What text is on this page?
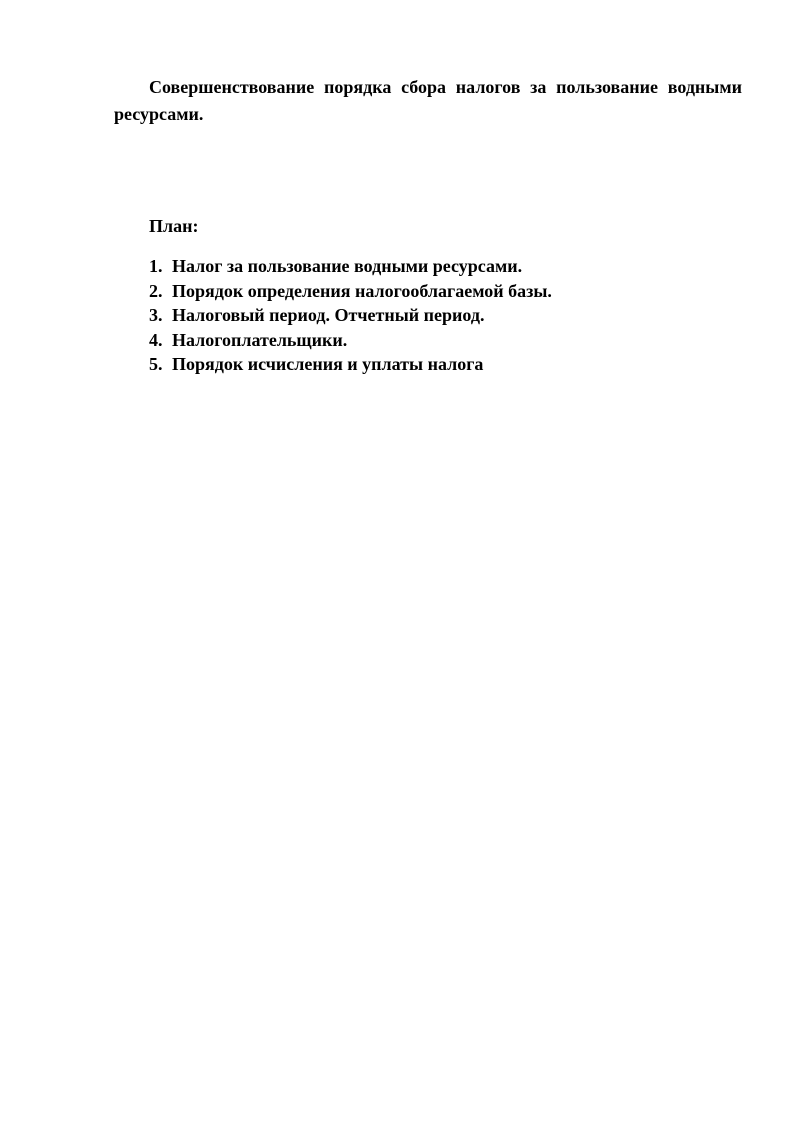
Совершенствование порядка сбора налогов за пользование водными ресурсами.

План:

1. Налог за пользование водными ресурсами.
2. Порядок определения налогооблагаемой базы.
3. Налоговый период. Отчетный период.
4. Налогоплательщики.
5. Порядок исчисления и уплаты налога
